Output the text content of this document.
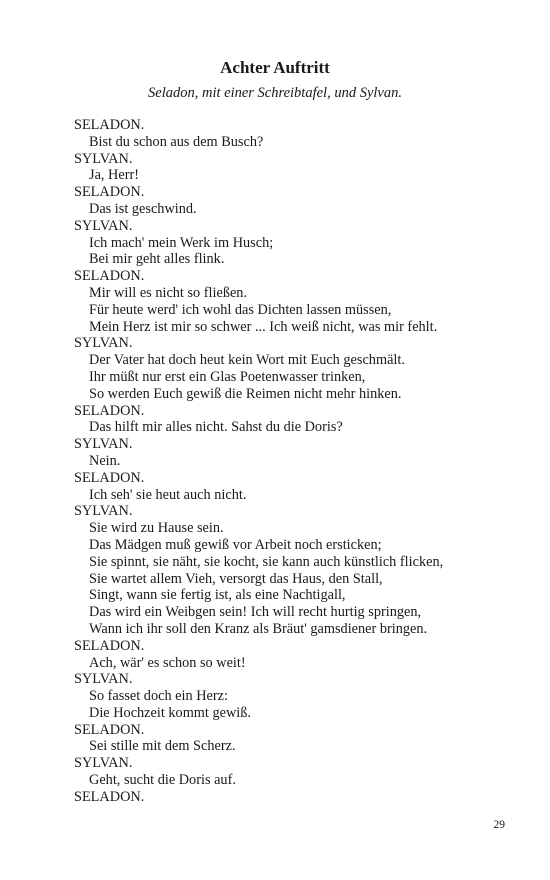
Achter Auftritt
Seladon, mit einer Schreibtafel, und Sylvan.
SELADON.
Bist du schon aus dem Busch?
SYLVAN.
Ja, Herr!
SELADON.
Das ist geschwind.
SYLVAN.
Ich mach' mein Werk im Husch;
Bei mir geht alles flink.
SELADON.
Mir will es nicht so fließen.
Für heute werd' ich wohl das Dichten lassen müssen,
Mein Herz ist mir so schwer ... Ich weiß nicht, was mir fehlt.
SYLVAN.
Der Vater hat doch heut kein Wort mit Euch geschmält.
Ihr müßt nur erst ein Glas Poetenwasser trinken,
So werden Euch gewiß die Reimen nicht mehr hinken.
SELADON.
Das hilft mir alles nicht. Sahst du die Doris?
SYLVAN.
Nein.
SELADON.
Ich seh' sie heut auch nicht.
SYLVAN.
Sie wird zu Hause sein.
Das Mädgen muß gewiß vor Arbeit noch ersticken;
Sie spinnt, sie näht, sie kocht, sie kann auch künstlich flicken,
Sie wartet allem Vieh, versorgt das Haus, den Stall,
Singt, wann sie fertig ist, als eine Nachtigall,
Das wird ein Weibgen sein! Ich will recht hurtig springen,
Wann ich ihr soll den Kranz als Bräut' gamsdiener bringen.
SELADON.
Ach, wär' es schon so weit!
SYLVAN.
So fasset doch ein Herz:
Die Hochzeit kommt gewiß.
SELADON.
Sei stille mit dem Scherz.
SYLVAN.
Geht, sucht die Doris auf.
SELADON.
29
